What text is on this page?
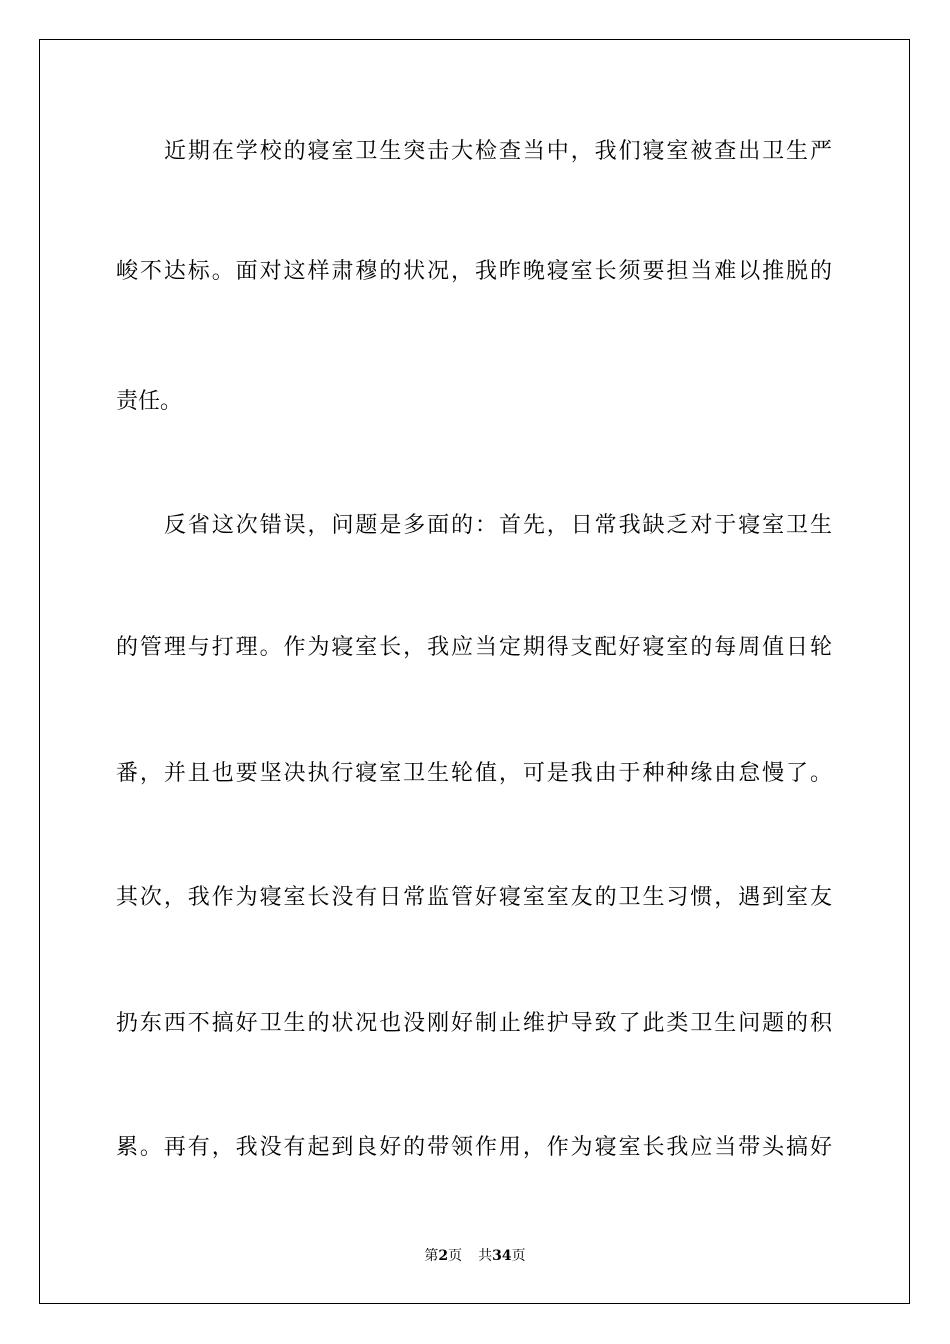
近期在学校的寝室卫生突击大检查当中，我们寝室被查出卫生严
峻不达标。面对这样肃穆的状况，我昨晚寝室长须要担当难以推脱的
责任。
反省这次错误，问题是多面的：首先，日常我缺乏对于寝室卫生
的管理与打理。作为寝室长，我应当定期得支配好寝室的每周值日轮
番，并且也要坚决执行寝室卫生轮值，可是我由于种种缘由怠慢了。
其次，我作为寝室长没有日常监管好寝室室友的卫生习惯，遇到室友
扔东西不搞好卫生的状况也没刚好制止维护导致了此类卫生问题的积
累。再有，我没有起到良好的带领作用，作为寝室长我应当带头搞好
第2页 共34页
